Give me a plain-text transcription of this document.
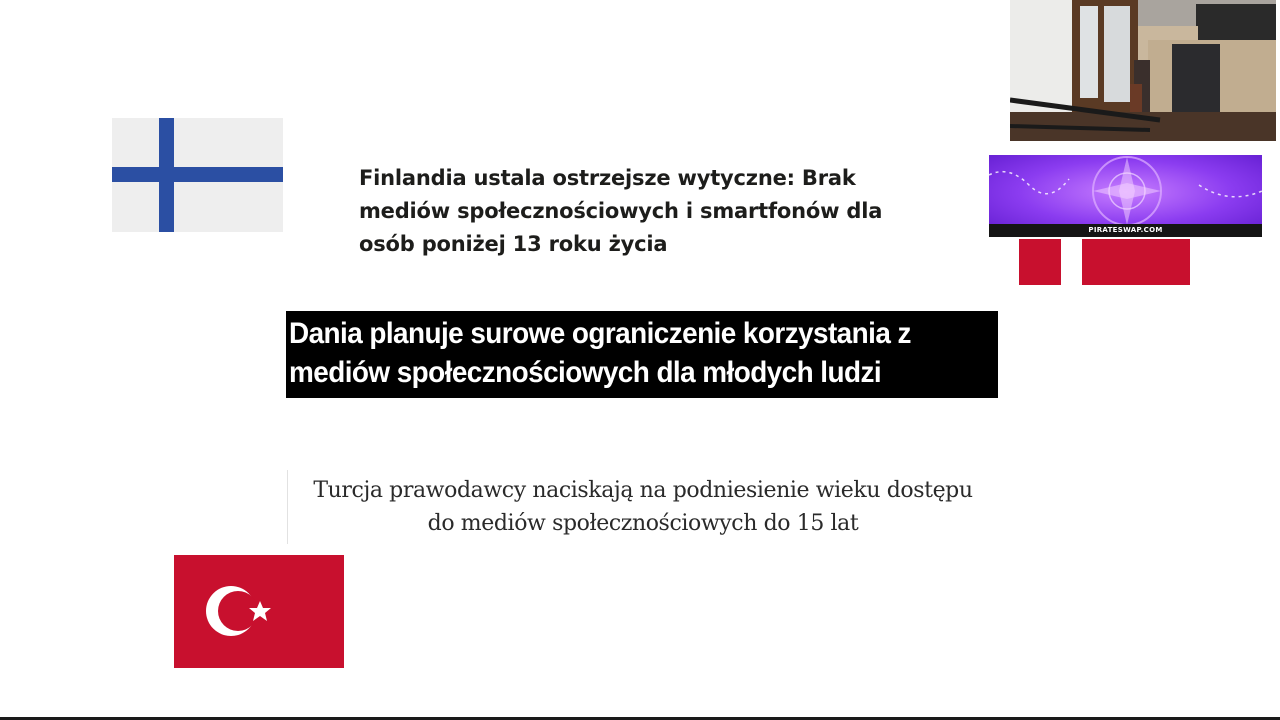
Finlandia ustala ostrzejsze wytyczne: Brak
mediów społecznościowych i smartfonów dla
osób poniżej 13 roku życia
PIRATESWAP.COM
Dania planuje surowe ograniczenie korzystania z
mediów społecznościowych dla młodych ludzi
Turcja prawodawcy naciskają na podniesienie wieku dostępu
do mediów społecznościowych do 15 lat
